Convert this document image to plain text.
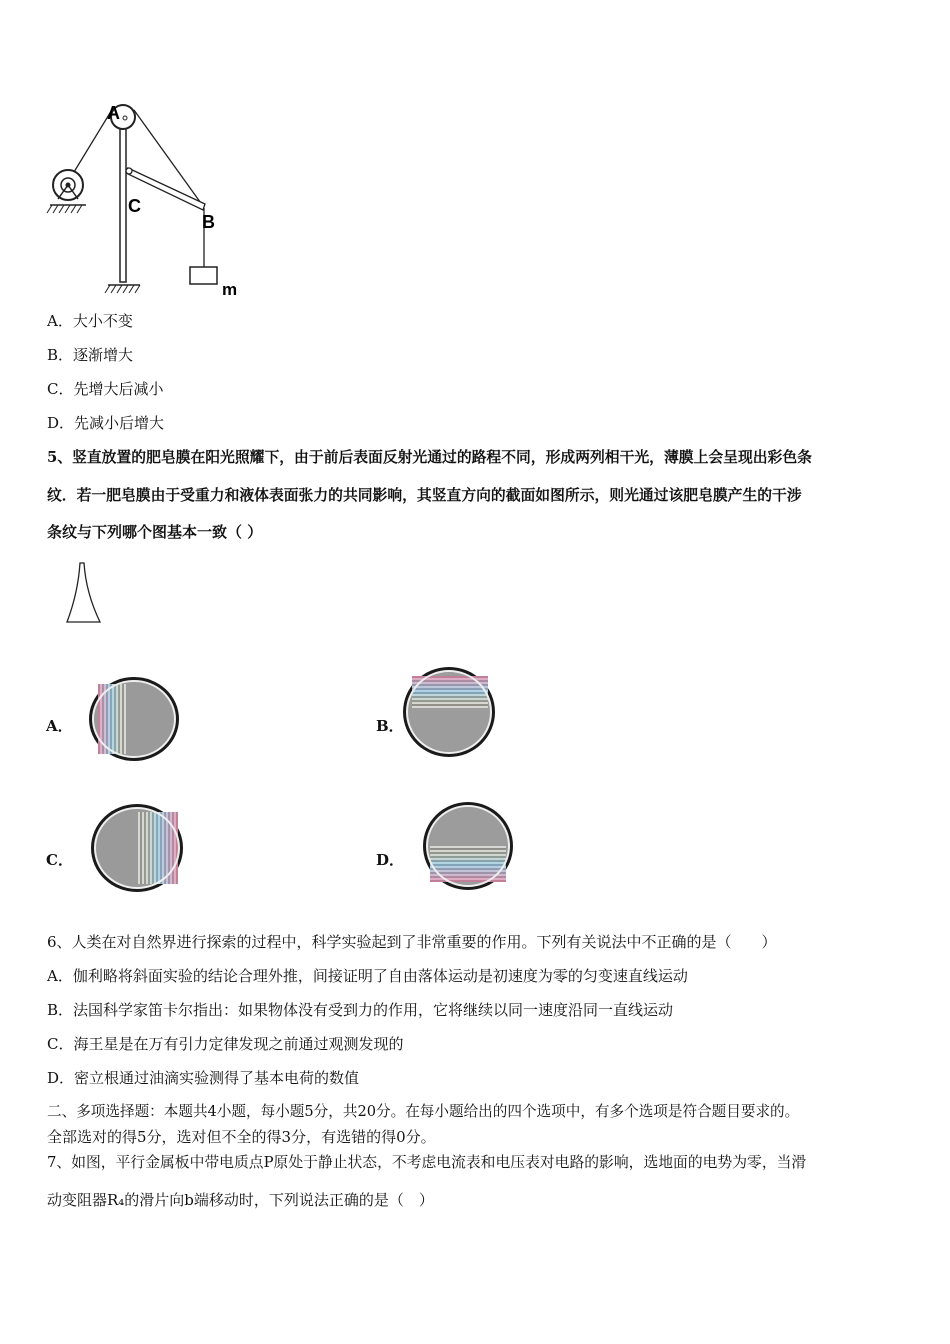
A
C
B
m
A．大小不变
B．逐渐增大
C．先增大后减小
D．先减小后增大
5、竖直放置的肥皂膜在阳光照耀下，由于前后表面反射光通过的路程不同，形成两列相干光，薄膜上会呈现出彩色条
纹．若一肥皂膜由于受重力和液体表面张力的共同影响，其竖直方向的截面如图所示，则光通过该肥皂膜产生的干涉
条纹与下列哪个图基本一致（ ）
A．	B．
C．	D．
6、人类在对自然界进行探索的过程中，科学实验起到了非常重要的作用。下列有关说法中不正确的是（　　）
A．伽利略将斜面实验的结论合理外推，间接证明了自由落体运动是初速度为零的匀变速直线运动
B．法国科学家笛卡尔指出：如果物体没有受到力的作用，它将继续以同一速度沿同一直线运动
C．海王星是在万有引力定律发现之前通过观测发现的
D．密立根通过油滴实验测得了基本电荷的数值
二、多项选择题：本题共4小题，每小题5分，共20分。在每小题给出的四个选项中，有多个选项是符合题目要求的。
全部选对的得5分，选对但不全的得3分，有选错的得0分。
7、如图，平行金属板中带电质点P原处于静止状态，不考虑电流表和电压表对电路的影响，选地面的电势为零，当滑
动变阻器R₄的滑片向b端移动时，下列说法正确的是（　）
